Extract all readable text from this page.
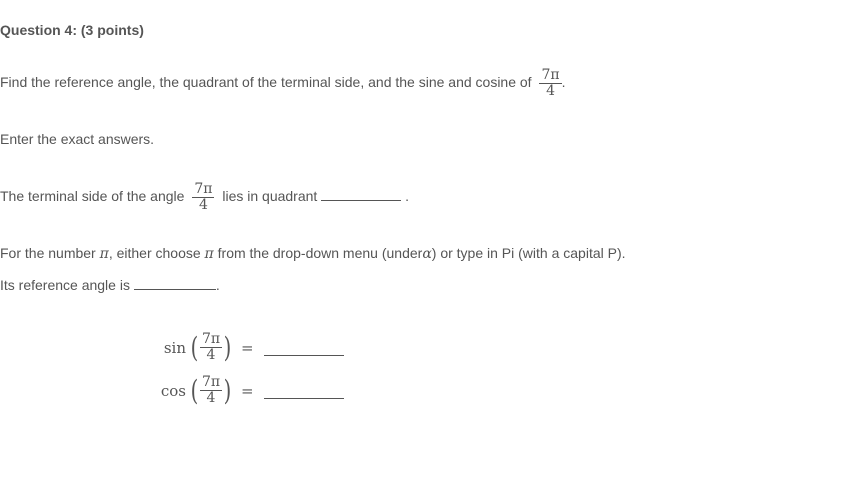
Question 4: (3 points)
Find the reference angle, the quadrant of the terminal side, and the sine and cosine of $\frac{7\pi}{4}$ .
Enter the exact answers.
The terminal side of the angle $\frac{7\pi}{4}$ lies in quadrant	.
For the number π, either choose π from the drop-down menu (underα) or type in Pi (with a capital P).
Its reference angle is	.
sin ( $\frac{7\pi}{4}$ ) =
cos ( $\frac{7\pi}{4}$ ) =
